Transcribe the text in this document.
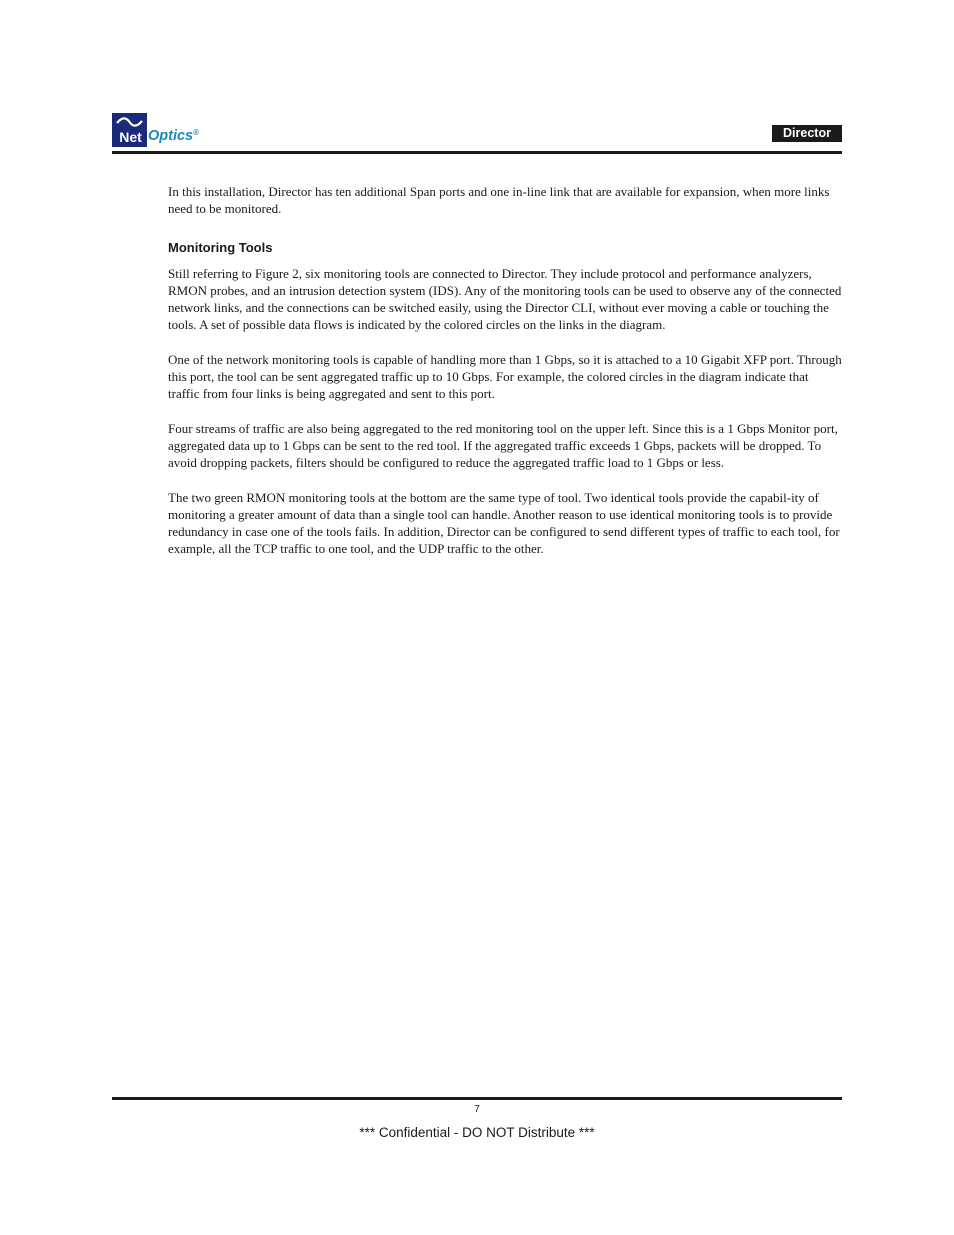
Net Optics®	Director

In this installation, Director has ten additional Span ports and one in-line link that are available for expansion, when more links need to be monitored.

Monitoring Tools

Still referring to Figure 2, six monitoring tools are connected to Director. They include protocol and performance analyzers, RMON probes, and an intrusion detection system (IDS). Any of the monitoring tools can be used to observe any of the connected network links, and the connections can be switched easily, using the Director CLI, without ever moving a cable or touching the tools. A set of possible data flows is indicated by the colored circles on the links in the diagram.

One of the network monitoring tools is capable of handling more than 1 Gbps, so it is attached to a 10 Gigabit XFP port. Through this port, the tool can be sent aggregated traffic up to 10 Gbps. For example, the colored circles in the diagram indicate that traffic from four links is being aggregated and sent to this port.

Four streams of traffic are also being aggregated to the red monitoring tool on the upper left. Since this is a 1 Gbps Monitor port, aggregated data up to 1 Gbps can be sent to the red tool. If the aggregated traffic exceeds 1 Gbps, packets will be dropped. To avoid dropping packets, filters should be configured to reduce the aggregated traffic load to 1 Gbps or less.

The two green RMON monitoring tools at the bottom are the same type of tool. Two identical tools provide the capabil-ity of monitoring a greater amount of data than a single tool can handle. Another reason to use identical monitoring tools is to provide redundancy in case one of the tools fails. In addition, Director can be configured to send different types of traffic to each tool, for example, all the TCP traffic to one tool, and the UDP traffic to the other.

7
*** Confidential - DO NOT Distribute ***
